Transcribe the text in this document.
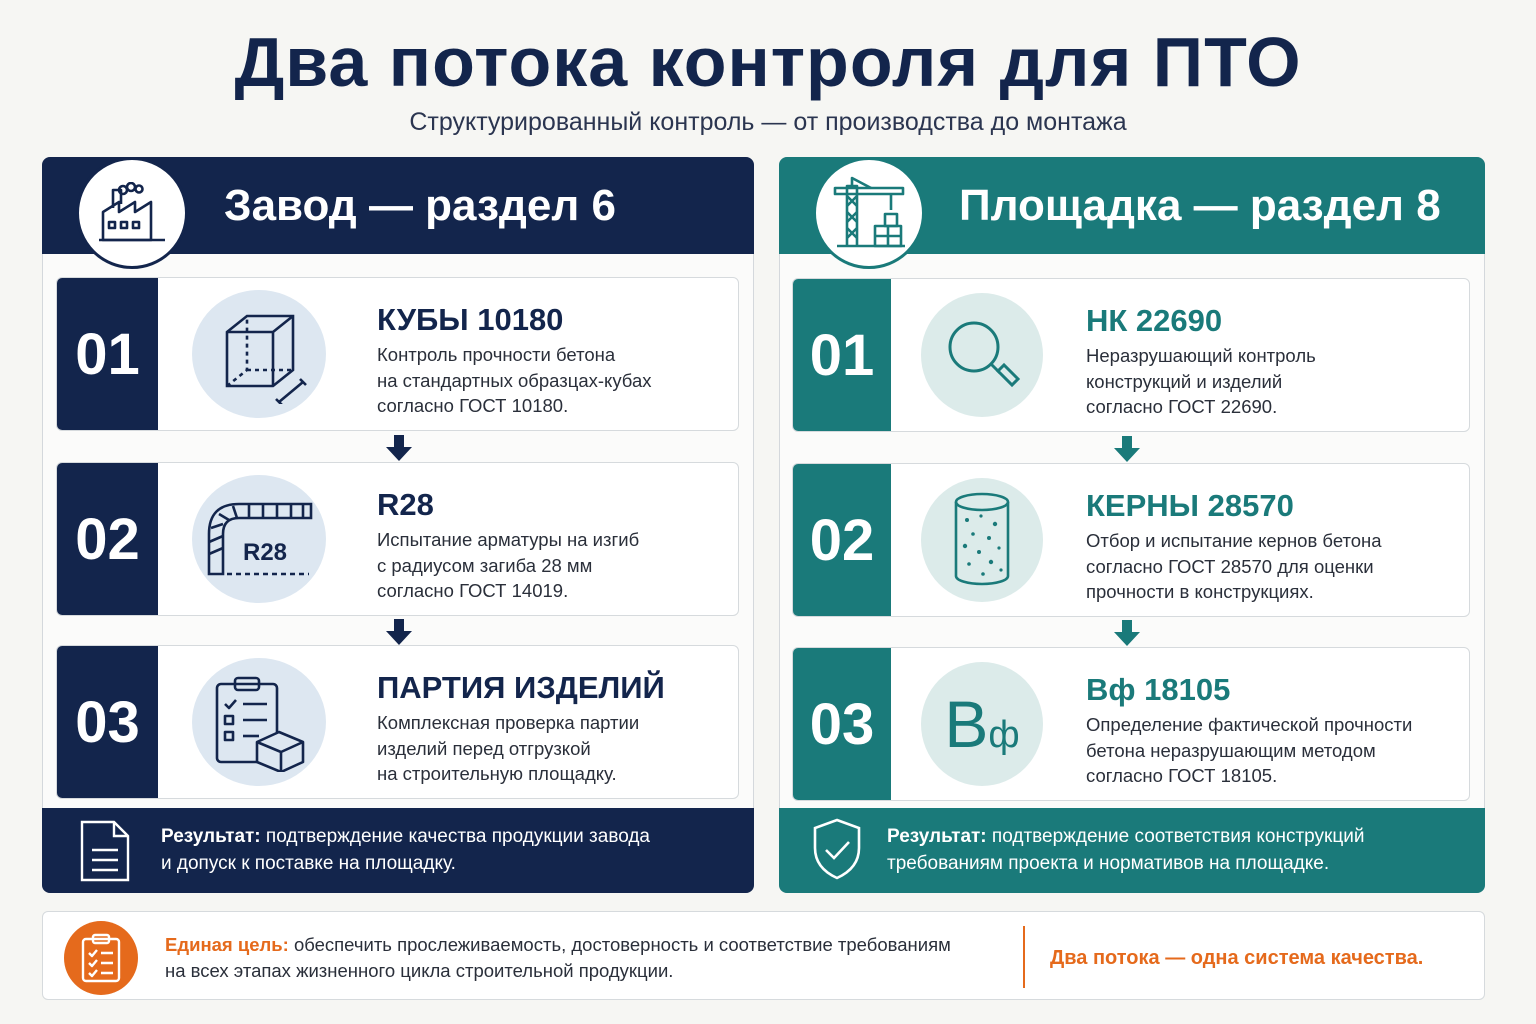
Два потока контроля для ПТО
Структурированный контроль — от производства до монтажа
Завод — раздел 6
01
КУБЫ 10180
Контроль прочности бетона
на стандартных образцах-кубах
согласно ГОСТ 10180.
02	R28
R28
Испытание арматуры на изгиб
с радиусом загиба 28 мм
согласно ГОСТ 14019.
03
ПАРТИЯ ИЗДЕЛИЙ
Комплексная проверка партии
изделий перед отгрузкой
на строительную площадку.
Результат: подтверждение качества продукции завода
и допуск к поставке на площадку.
Площадка — раздел 8
01
НК 22690
Неразрушающий контроль
конструкций и изделий
согласно ГОСТ 22690.
02
КЕРНЫ 28570
Отбор и испытание кернов бетона
согласно ГОСТ 28570 для оценки
прочности в конструкциях.
03 Bф
Bф 18105
Определение фактической прочности
бетона неразрушающим методом
согласно ГОСТ 18105.
Результат: подтверждение соответствия конструкций
требованиям проекта и нормативов на площадке.
Единая цель: обеспечить прослеживаемость, достоверность и соответствие требованиям
на всех этапах жизненного цикла строительной продукции.
Два потока — одна система качества.
